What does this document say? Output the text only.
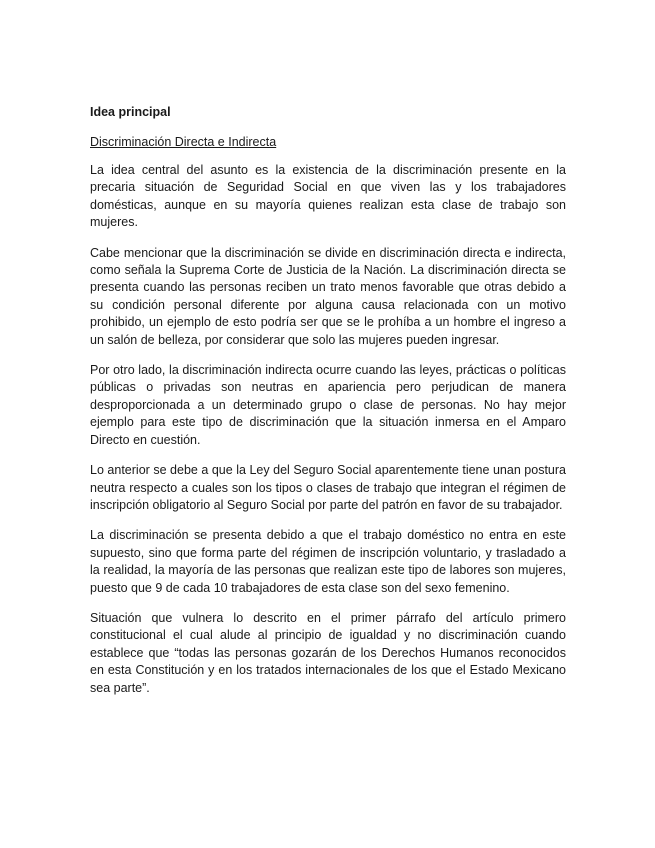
Idea principal
Discriminación Directa e Indirecta

La idea central del asunto es la existencia de la discriminación presente en la precaria situación de Seguridad Social en que viven las y los trabajadores domésticas, aunque en su mayoría quienes realizan esta clase de trabajo son mujeres.

Cabe mencionar que la discriminación se divide en discriminación directa e indirecta, como señala la Suprema Corte de Justicia de la Nación. La discriminación directa se presenta cuando las personas reciben un trato menos favorable que otras debido a su condición personal diferente por alguna causa relacionada con un motivo prohibido, un ejemplo de esto podría ser que se le prohíba a un hombre el ingreso a un salón de belleza, por considerar que solo las mujeres pueden ingresar.

Por otro lado, la discriminación indirecta ocurre cuando las leyes, prácticas o políticas públicas o privadas son neutras en apariencia pero perjudican de manera desproporcionada a un determinado grupo o clase de personas. No hay mejor ejemplo para este tipo de discriminación que la situación inmersa en el Amparo Directo en cuestión.

Lo anterior se debe a que la Ley del Seguro Social aparentemente tiene unan postura neutra respecto a cuales son los tipos o clases de trabajo que integran el régimen de inscripción obligatorio al Seguro Social por parte del patrón en favor de su trabajador.

La discriminación se presenta debido a que el trabajo doméstico no entra en este supuesto, sino que forma parte del régimen de inscripción voluntario, y trasladado a la realidad, la mayoría de las personas que realizan este tipo de labores son mujeres, puesto que 9 de cada 10 trabajadores de esta clase son del sexo femenino.

Situación que vulnera lo descrito en el primer párrafo del artículo primero constitucional el cual alude al principio de igualdad y no discriminación cuando establece que “todas las personas gozarán de los Derechos Humanos reconocidos en esta Constitución y en los tratados internacionales de los que el Estado Mexicano sea parte”.
